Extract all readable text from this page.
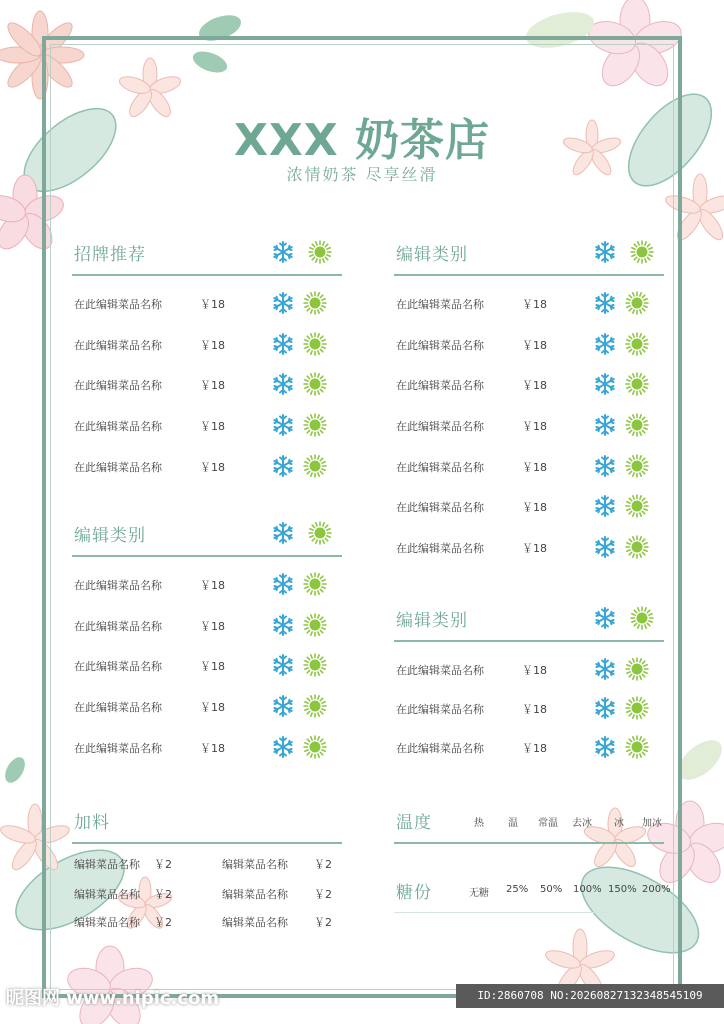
XXX 奶茶店
浓情奶茶 尽享丝滑
招牌推荐

在此编辑菜品名称	￥18
在此编辑菜品名称	￥18
在此编辑菜品名称	￥18
在此编辑菜品名称	￥18
在此编辑菜品名称	￥18
编辑类别

在此编辑菜品名称	￥18
在此编辑菜品名称	￥18
在此编辑菜品名称	￥18
在此编辑菜品名称	￥18
在此编辑菜品名称	￥18
编辑类别

在此编辑菜品名称	￥18
在此编辑菜品名称	￥18
在此编辑菜品名称	￥18
在此编辑菜品名称	￥18
在此编辑菜品名称	￥18
在此编辑菜品名称	￥18
在此编辑菜品名称	￥18
编辑类别

在此编辑菜品名称	￥18
在此编辑菜品名称	￥18
在此编辑菜品名称	￥18
加料
编辑菜品名称 ￥2	编辑菜品名称 ￥2
编辑菜品名称 ￥2	编辑菜品名称 ￥2
编辑菜品名称 ￥2	编辑菜品名称 ￥2
温度	热 温 常温 去冰 冰 加冰
糖份	无糖 25% 50% 100% 150% 200%
昵图网 www.nipic.com	ID:2860708 NO:20260827132348545109
